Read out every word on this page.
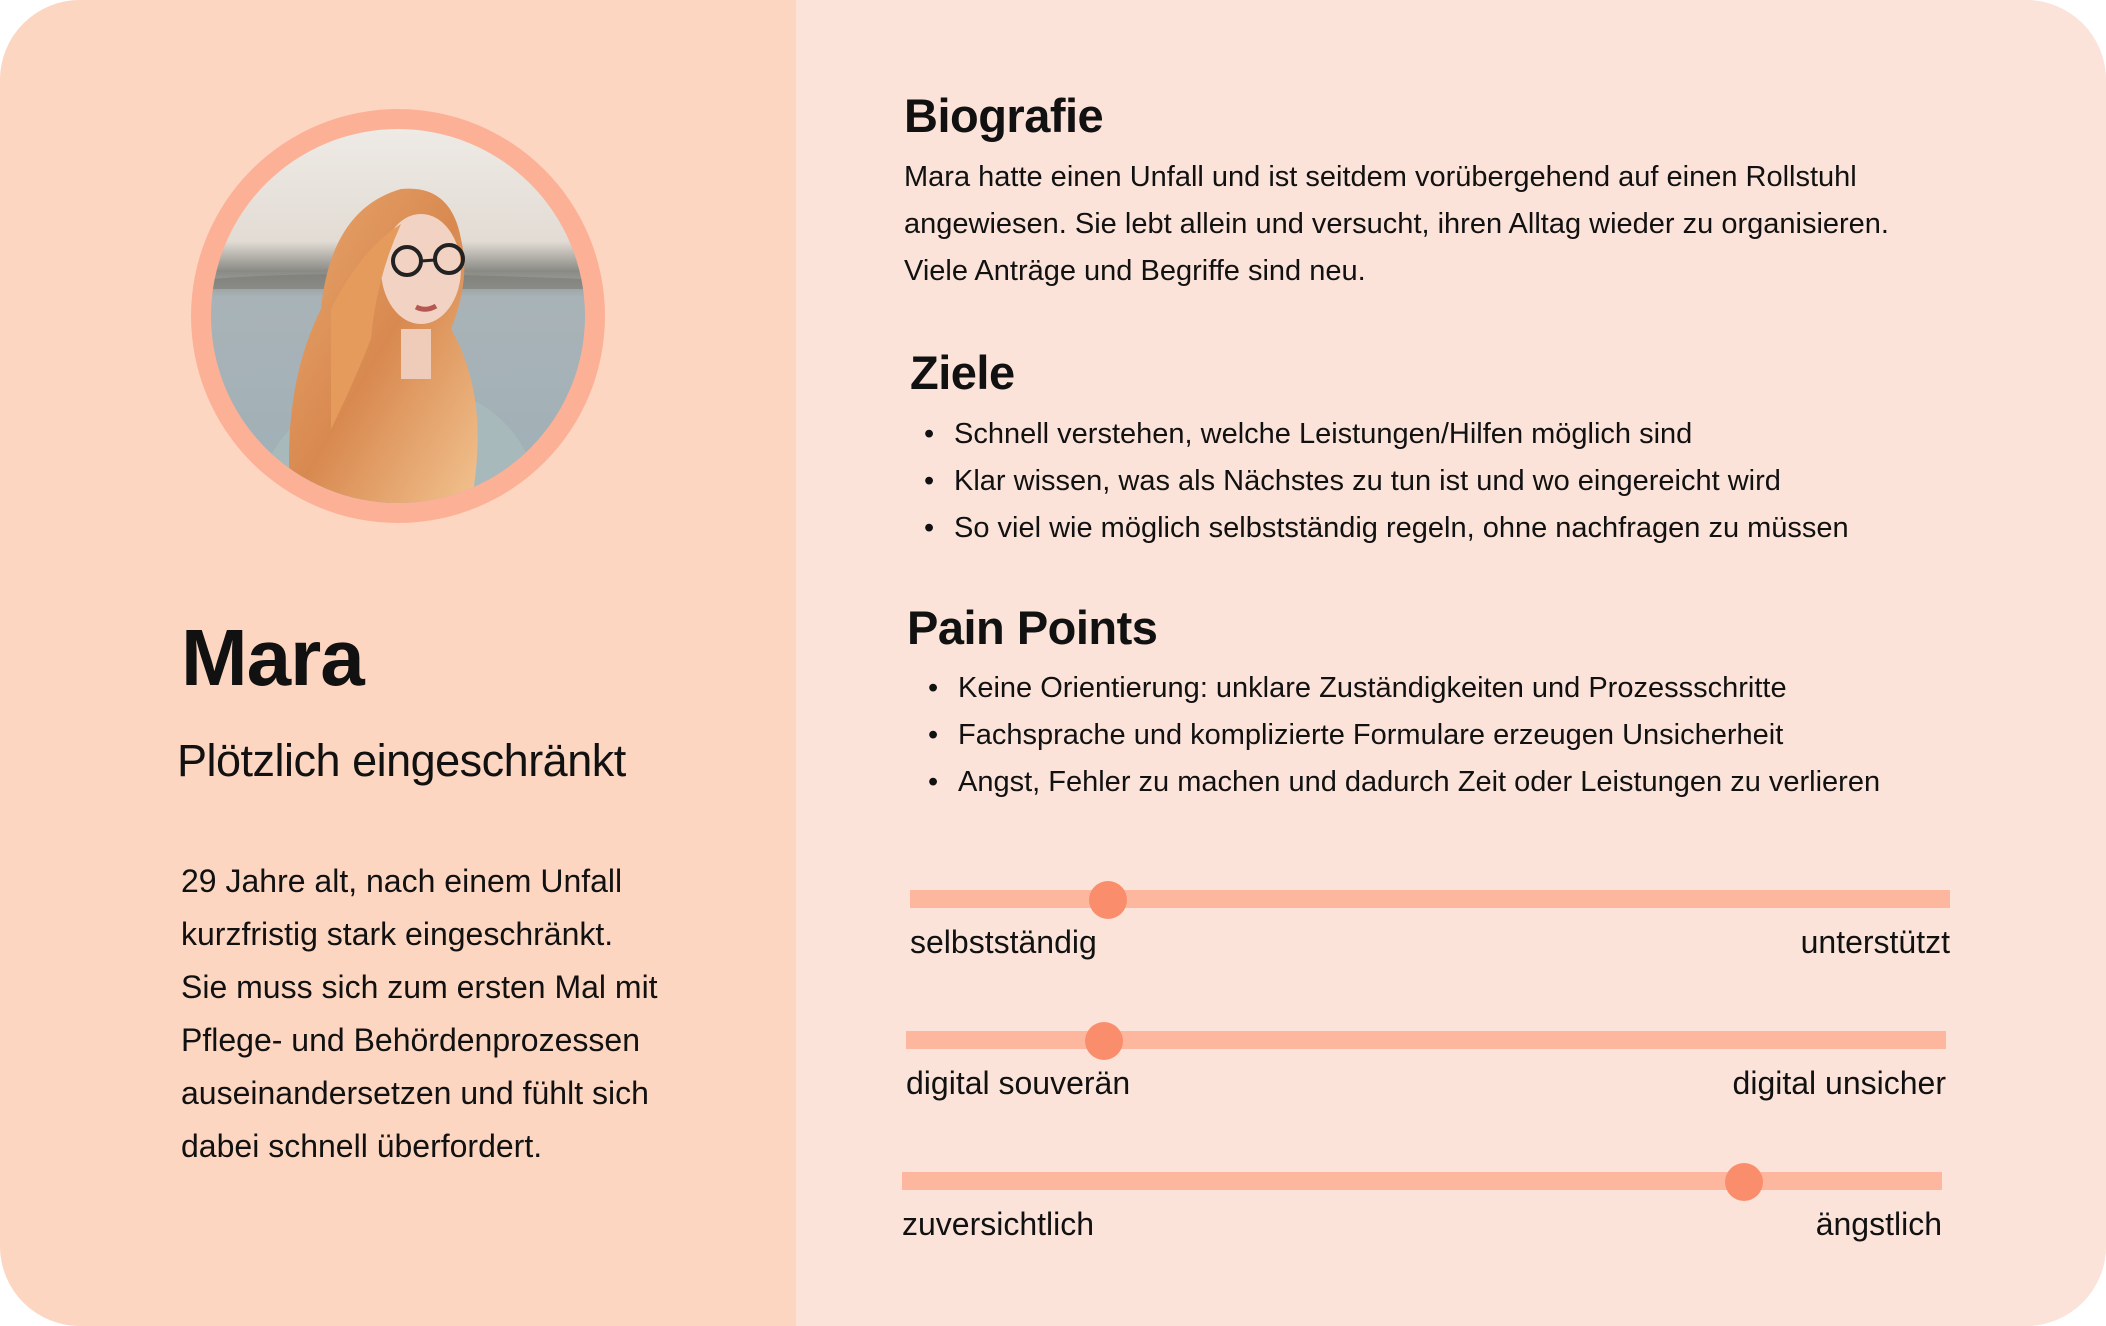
Mara
Plötzlich eingeschränkt
29 Jahre alt, nach einem Unfall
kurzfristig stark eingeschränkt.
Sie muss sich zum ersten Mal mit
Pflege- und Behördenprozessen
auseinandersetzen und fühlt sich
dabei schnell überfordert.
Biografie
Mara hatte einen Unfall und ist seitdem vorübergehend auf einen Rollstuhl
angewiesen. Sie lebt allein und versucht, ihren Alltag wieder zu organisieren.
Viele Anträge und Begriffe sind neu.
Ziele
• Schnell verstehen, welche Leistungen/Hilfen möglich sind
• Klar wissen, was als Nächstes zu tun ist und wo eingereicht wird
• So viel wie möglich selbstständig regeln, ohne nachfragen zu müssen
Pain Points
• Keine Orientierung: unklare Zuständigkeiten und Prozessschritte
• Fachsprache und komplizierte Formulare erzeugen Unsicherheit
• Angst, Fehler zu machen und dadurch Zeit oder Leistungen zu verlieren
selbstständig	unterstützt
digital souverän	digital unsicher
zuversichtlich	ängstlich
